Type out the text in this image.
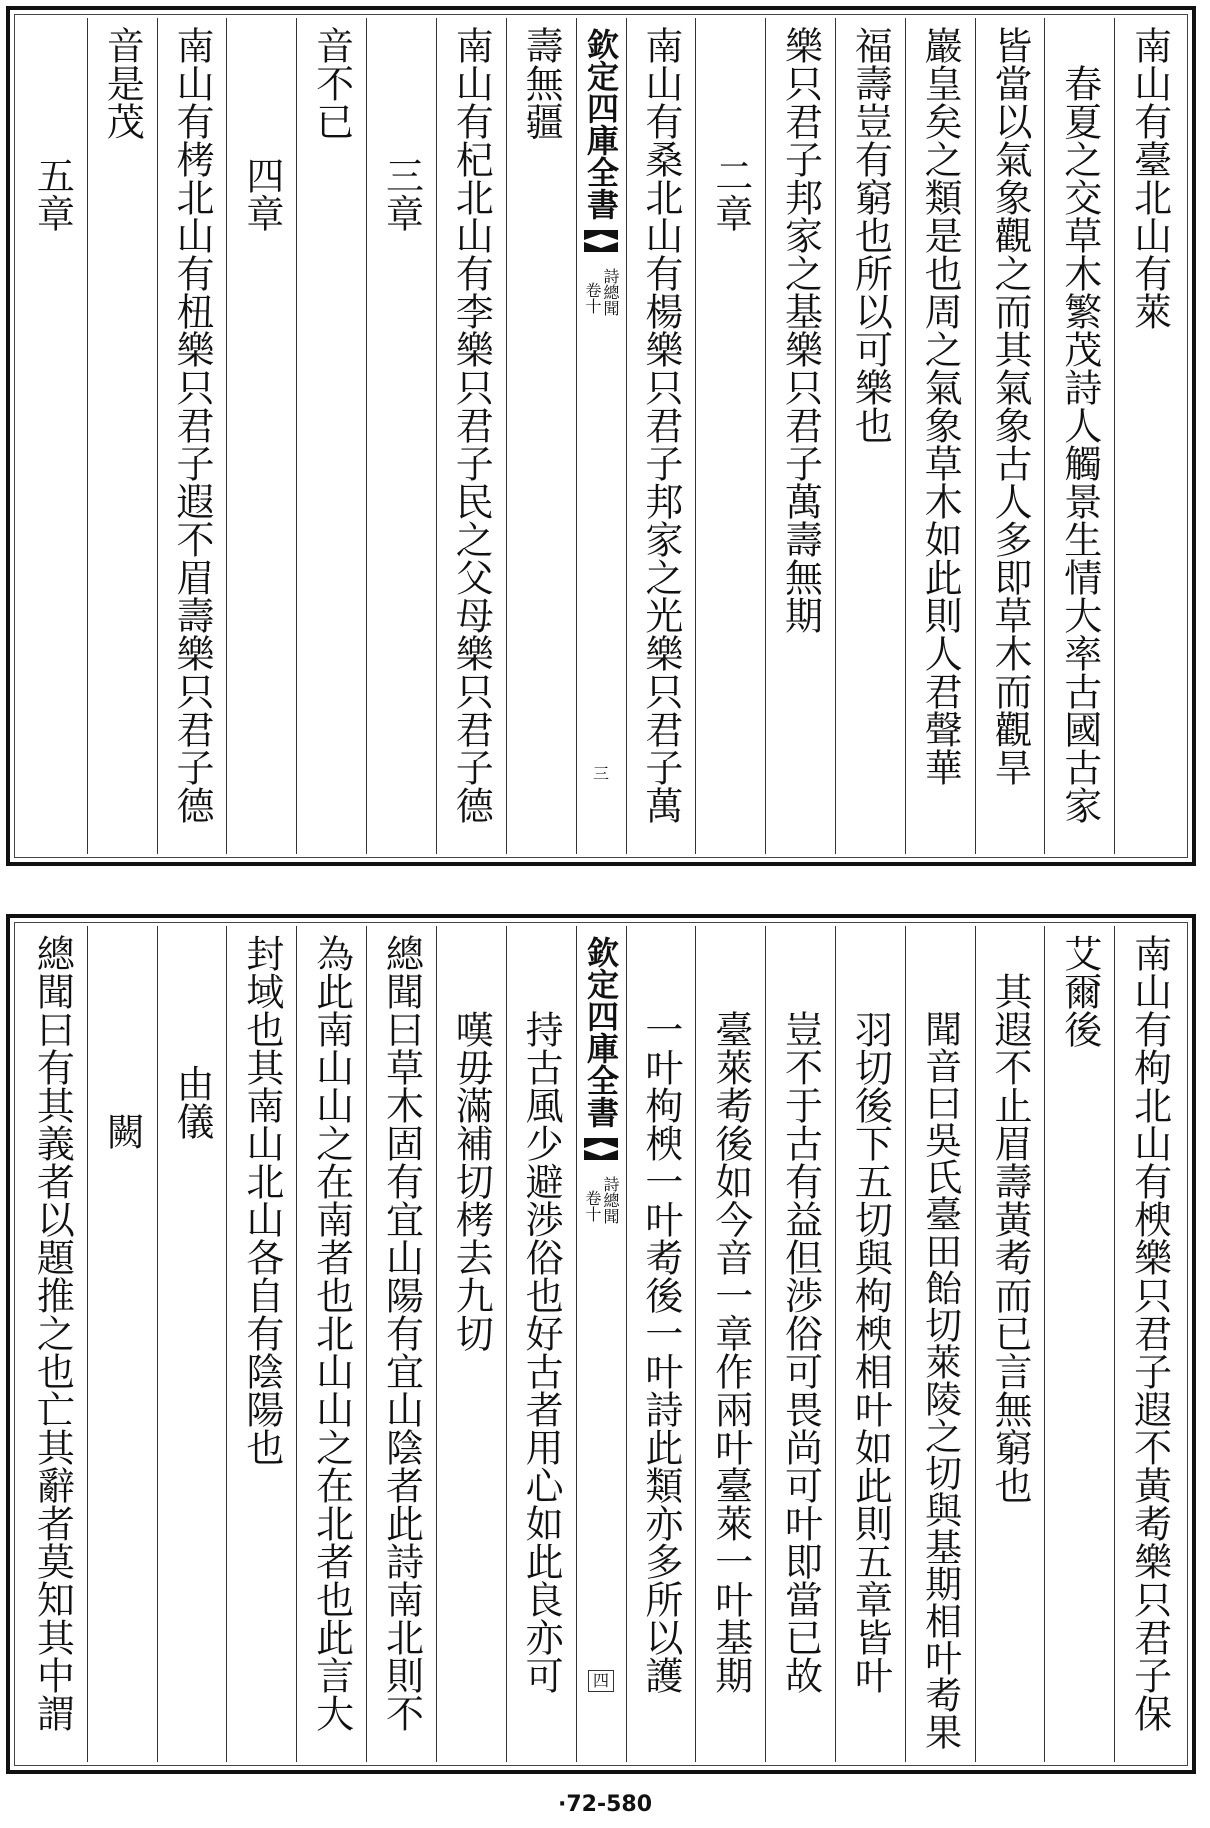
南山有臺北山有萊
春夏之交草木繁茂詩人觸景生情大率古國古家
皆當以氣象觀之而其氣象古人多即草木而觀旱
巖皇矣之類是也周之氣象草木如此則人君聲華
福壽豈有窮也所以可樂也
樂只君子邦家之基樂只君子萬壽無期
二章
南山有桑北山有楊樂只君子邦家之光樂只君子萬
欽定四庫全書
詩總聞
卷十
三
壽無疆
南山有杞北山有李樂只君子民之父母樂只君子德
三章
音不已
四章
南山有栲北山有杻樂只君子遐不眉壽樂只君子德
音是茂
五章
南山有枸北山有楰樂只君子遐不黃耇樂只君子保
艾爾後
其遐不止眉壽黃耇而已言無窮也
聞音曰吳氏臺田飴切萊陵之切與基期相叶耇果
羽切後下五切與枸楰相叶如此則五章皆叶
豈不于古有益但渉俗可畏尚可叶即當已故
臺萊耇後如今音一章作兩叶臺萊一叶基期
一叶枸楰一叶耇後一叶詩此類亦多所以護
欽定四庫全書
詩總聞
卷十
四
持古風少避渉俗也好古者用心如此良亦可
嘆毋滿補切栲去九切
總聞曰草木固有宜山陽有宜山陰者此詩南北則不
為此南山山之在南者也北山山之在北者也此言大
封域也其南山北山各自有陰陽也
由儀
闕
總聞曰有其義者以題推之也亡其辭者莫知其中謂
·72-580
